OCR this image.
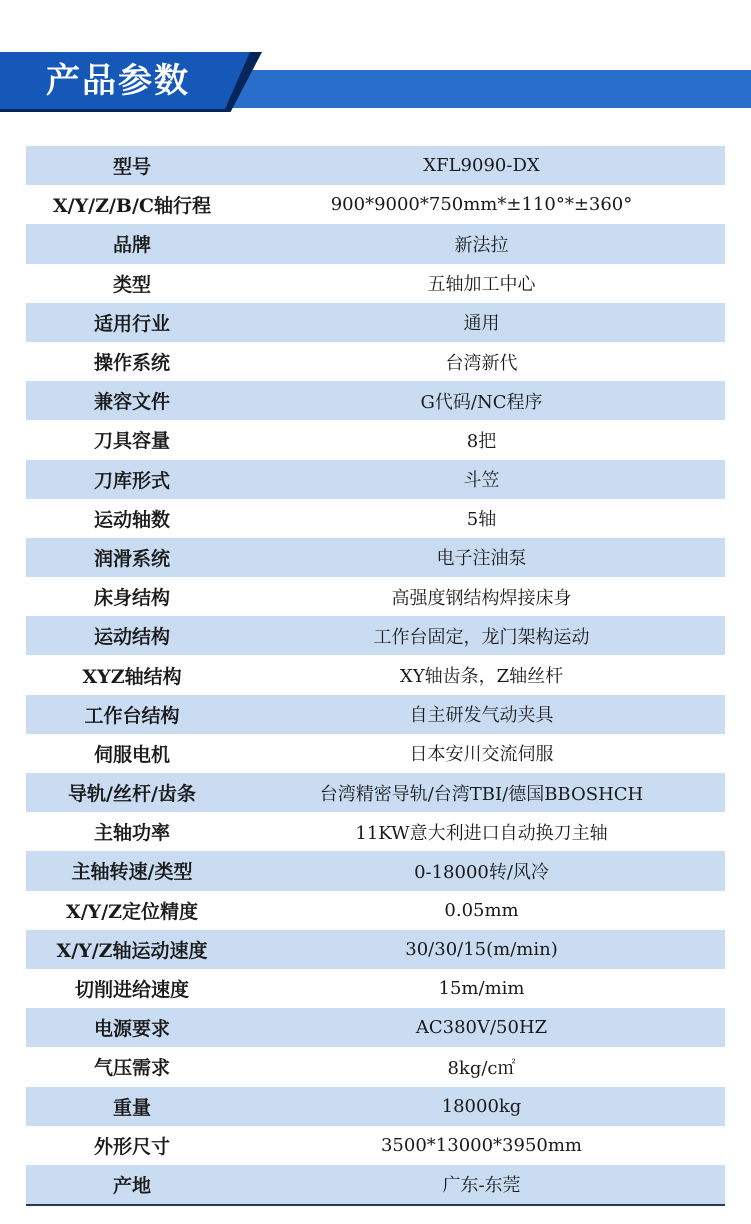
产品参数
型号	XFL9090-DX
X/Y/Z/B/C轴行程	900*9000*750mm*±110°*±360°
品牌	新法拉
类型	五轴加工中心
适用行业	通用
操作系统	台湾新代
兼容文件	G代码/NC程序
刀具容量	8把
刀库形式	斗笠
运动轴数	5轴
润滑系统	电子注油泵
床身结构	高强度钢结构焊接床身
运动结构	工作台固定，龙门架构运动
XYZ轴结构	XY轴齿条，Z轴丝杆
工作台结构	自主研发气动夹具
伺服电机	日本安川交流伺服
导轨/丝杆/齿条	台湾精密导轨/台湾TBI/德国BBOSHCH
主轴功率	11KW意大利进口自动换刀主轴
主轴转速/类型	0-18000转/风冷
X/Y/Z定位精度	0.05mm
X/Y/Z轴运动速度	30/30/15(m/min)
切削进给速度	15m/mim
电源要求	AC380V/50HZ
气压需求	8kg/c㎡
重量	18000kg
外形尺寸	3500*13000*3950mm
产地	广东-东莞
